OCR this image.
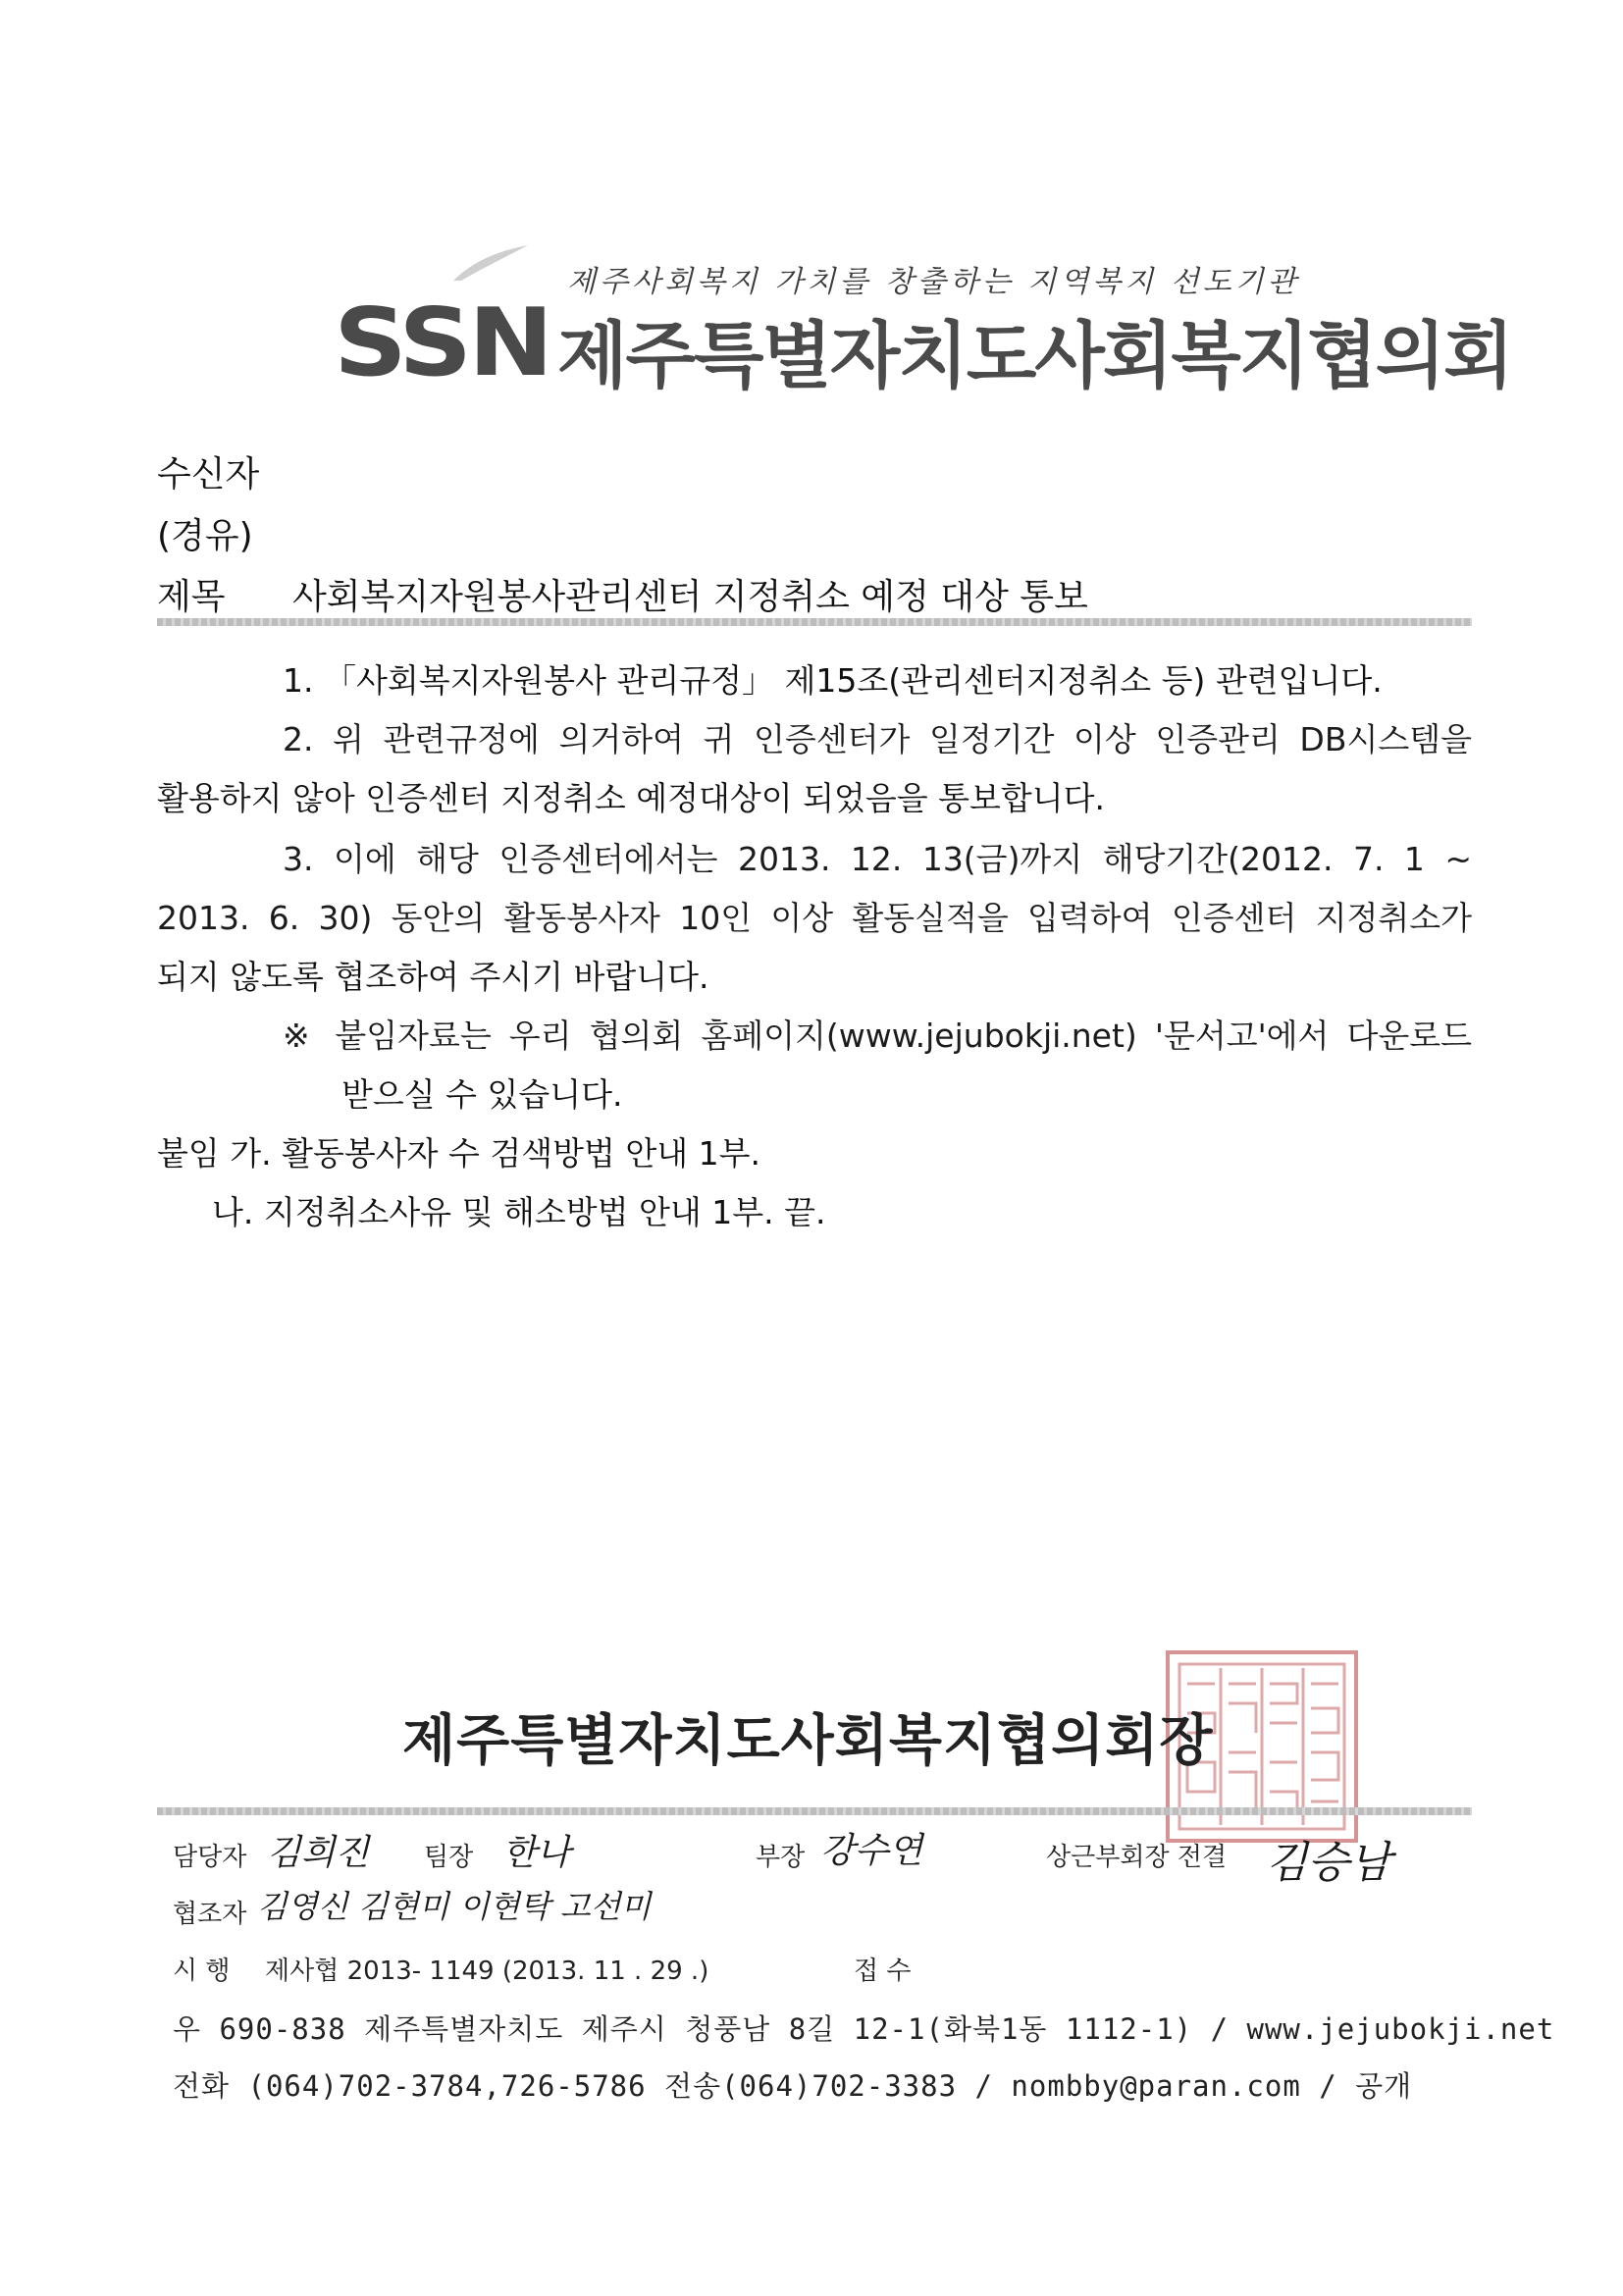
제주사회복지 가치를 창출하는 지역복지 선도기관
SSN 제주특별자치도사회복지협의회
수신자
(경유)
제목 사회복지자원봉사관리센터 지정취소 예정 대상 통보
1. 「사회복지자원봉사 관리규정」 제15조(관리센터지정취소 등) 관련입니다.
2. 위 관련규정에 의거하여 귀 인증센터가 일정기간 이상 인증관리 DB시스템을
활용하지 않아 인증센터 지정취소 예정대상이 되었음을 통보합니다.
3. 이에 해당 인증센터에서는 2013. 12. 13(금)까지 해당기간(2012. 7. 1 ~
2013. 6. 30) 동안의 활동봉사자 10인 이상 활동실적을 입력하여 인증센터 지정취소가
되지 않도록 협조하여 주시기 바랍니다.
※ 붙임자료는 우리 협의회 홈페이지(www.jejubokji.net) '문서고'에서 다운로드
받으실 수 있습니다.
붙임 가. 활동봉사자 수 검색방법 안내 1부.
나. 지정취소사유 및 해소방법 안내 1부. 끝.
제주특별자치도사회복지협의회장
담당자 김희진 팀장 한나	부장 강수연	상근부회장 전결 김승남
협조자 김영신 김현미 이현탁 고선미
시 행 제사협 2013- 1149 (2013. 11 . 29 .)	접 수
우 690-838 제주특별자치도 제주시 청풍남 8길 12-1(화북1동 1112-1) / www.jejubokji.net
전화 (064)702-3784,726-5786 전송(064)702-3383 / nombby@paran.com / 공개
